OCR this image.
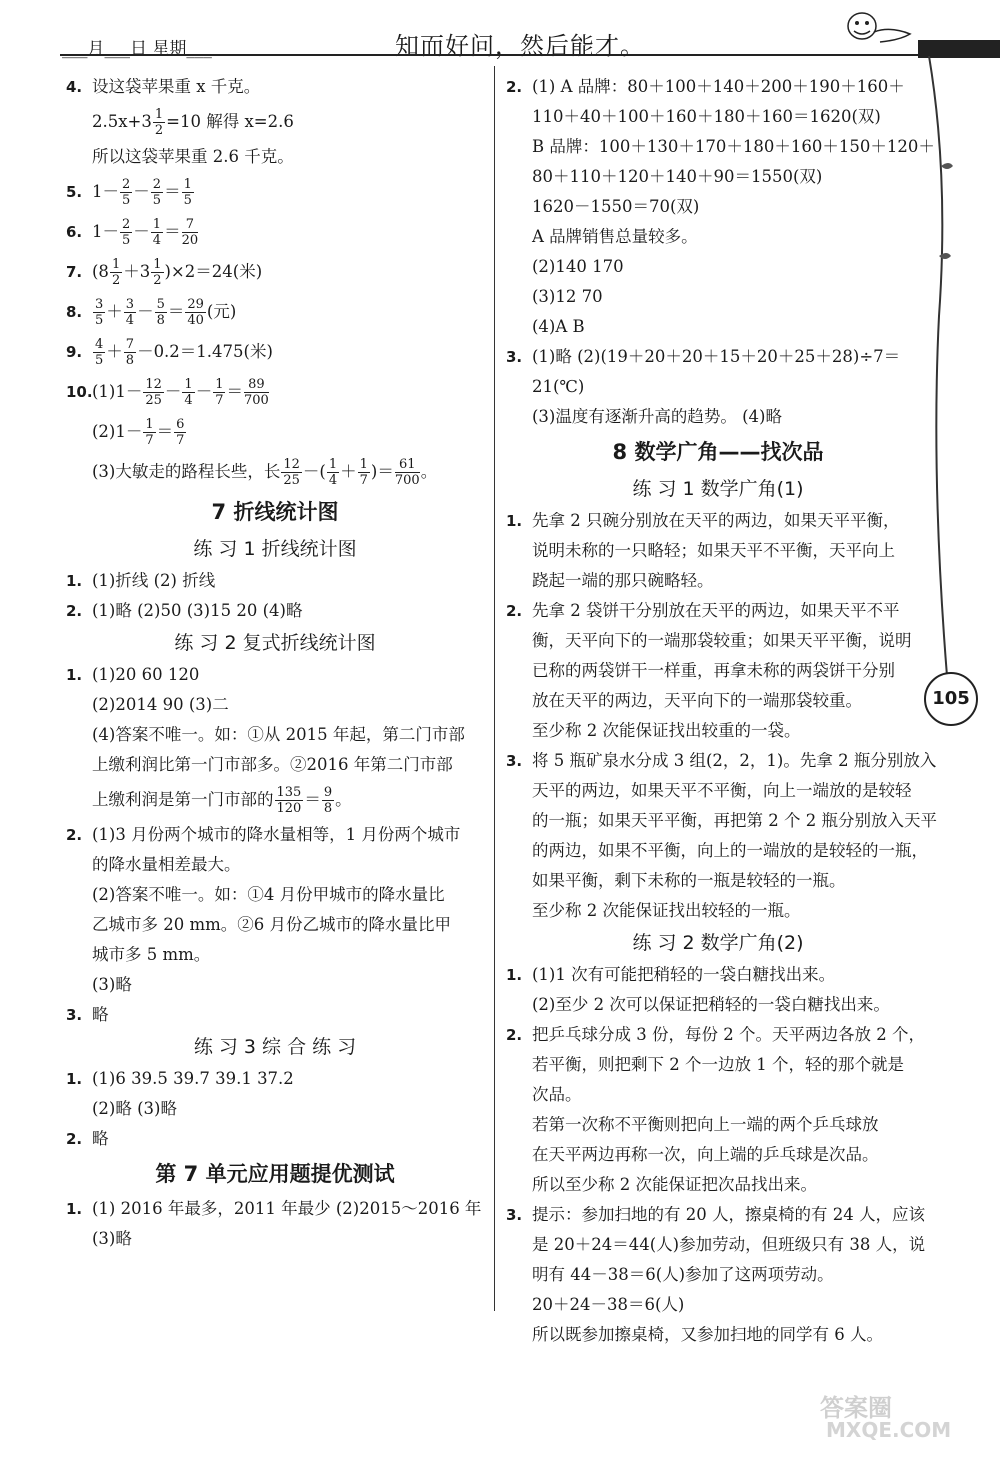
___月___日 星期___	知而好问，然后能才。
105
4. 设这袋苹果重 x 千克。
$2.5x+3 \frac{1}{2} =10$ 解得 x=2.6
所以这袋苹果重 2.6 千克。
5. $1- \frac{2}{5} - \frac{2}{5} = \frac{1}{5}$
6. $1- \frac{2}{5} - \frac{1}{4} = \frac{7}{20}$
7. $(8 \frac{1}{2} +3 \frac{1}{2} )\times 2=24$(米)
8. $\frac{3}{5} + \frac{3}{4} - \frac{5}{8} = \frac{29}{40}$ (元)
9. $\frac{4}{5} + \frac{7}{8} -0.2=1.475$(米)
$10.(1)1- \frac{12}{25} - \frac{1}{4} - \frac{1}{7} = \frac{89}{700}$
$(2)1- \frac{1}{7} = \frac{6}{7}$
(3)大敏走的路程长些，长 $\frac{12}{25}$ －( $\frac{1}{4} + \frac{1}{7}$ )＝ $\frac{61}{700}$ 。
7 折线统计图
练 习 1 折线统计图
1. (1)折线 (2) 折线
2. (1)略 (2)50 (3)15 20 (4)略
练 习 2 复式折线统计图
1. (1)20 60 120
(2)2014 90 (3)二
(4)答案不唯一。如：①从 2015 年起，第二门市部
上缴利润比第一门市部多。②2016 年第二门市部
上缴利润是第一门市部的 $\frac{135}{120} = \frac{9}{8}$ 。
2. (1)3 月份两个城市的降水量相等，1 月份两个城市
的降水量相差最大。
(2)答案不唯一。如：①4 月份甲城市的降水量比
乙城市多 20 mm。②6 月份乙城市的降水量比甲
城市多 5 mm。
(3)略
3. 略
练 习 3 综 合 练 习
1. (1)6 39.5 39.7 39.1 37.2
(2)略 (3)略
2. 略
第 7 单元应用题提优测试
1. (1) 2016 年最多，2011 年最少 (2)2015～2016 年
(3)略
2. (1) A 品牌：80＋100＋140＋200＋190＋160＋
110＋40＋100＋160＋180＋160＝1620(双)
B 品牌：100＋130＋170＋180＋160＋150＋120＋
80＋110＋120＋140＋90＝1550(双)
1620－1550＝70(双)
A 品牌销售总量较多。
(2)140 170
(3)12 70
(4)A B
3. (1)略 (2)(19＋20＋20＋15＋20＋25＋28)÷7＝
21(℃)
(3)温度有逐渐升高的趋势。 (4)略
8 数学广角——找次品
练 习 1 数学广角(1)
1. 先拿 2 只碗分别放在天平的两边，如果天平平衡，
说明未称的一只略轻；如果天平不平衡，天平向上
跷起一端的那只碗略轻。
2. 先拿 2 袋饼干分别放在天平的两边，如果天平不平
衡，天平向下的一端那袋较重；如果天平平衡，说明
已称的两袋饼干一样重，再拿未称的两袋饼干分别
放在天平的两边，天平向下的一端那袋较重。
至少称 2 次能保证找出较重的一袋。
3. 将 5 瓶矿泉水分成 3 组(2，2，1)。先拿 2 瓶分别放入
天平的两边，如果天平不平衡，向上一端放的是较轻
的一瓶；如果天平平衡，再把第 2 个 2 瓶分别放入天平
的两边，如果不平衡，向上的一端放的是较轻的一瓶，
如果平衡，剩下未称的一瓶是较轻的一瓶。
至少称 2 次能保证找出较轻的一瓶。
练 习 2 数学广角(2)
1. (1)1 次有可能把稍轻的一袋白糖找出来。
(2)至少 2 次可以保证把稍轻的一袋白糖找出来。
2. 把乒乓球分成 3 份，每份 2 个。天平两边各放 2 个，
若平衡，则把剩下 2 个一边放 1 个，轻的那个就是
次品。
若第一次称不平衡则把向上一端的两个乒乓球放
在天平两边再称一次，向上端的乒乓球是次品。
所以至少称 2 次能保证把次品找出来。
3. 提示：参加扫地的有 20 人，擦桌椅的有 24 人，应该
是 20＋24＝44(人)参加劳动，但班级只有 38 人，说
明有 44－38＝6(人)参加了这两项劳动。
20＋24－38＝6(人)
所以既参加擦桌椅，又参加扫地的同学有 6 人。
答案圈
MXQE.COM
